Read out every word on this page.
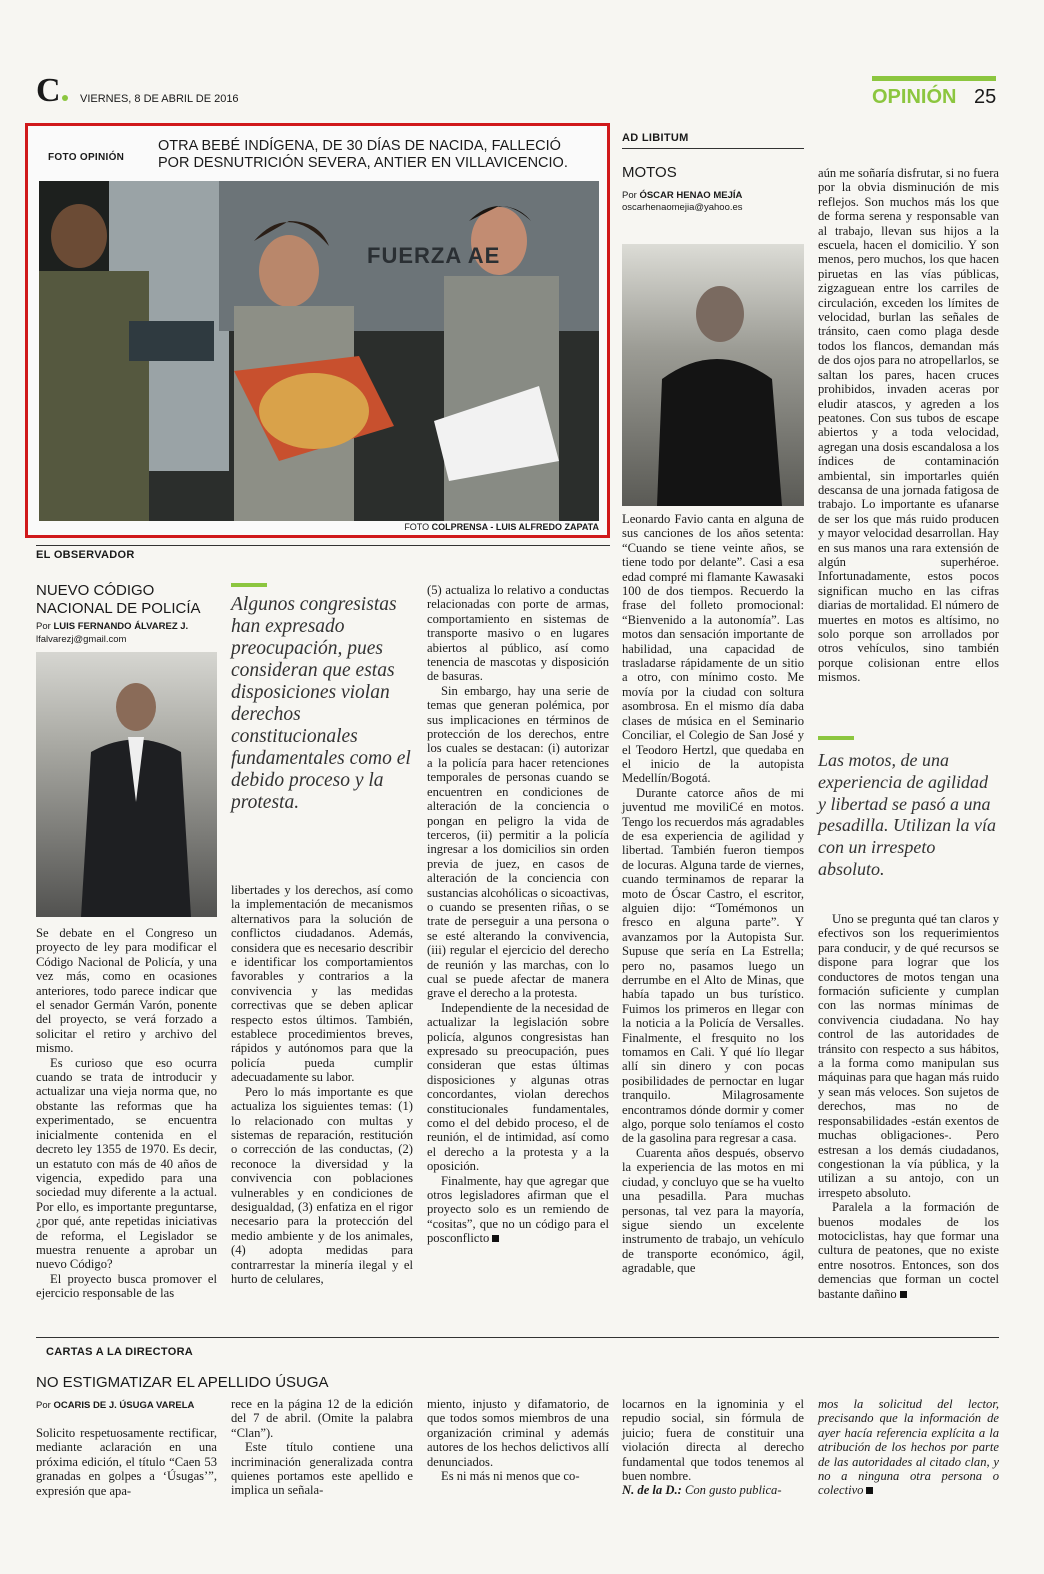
C	VIERNES, 8 DE ABRIL DE 2016	OPINIÓN 25
FOTO OPINIÓN
OTRA BEBÉ INDÍGENA, DE 30 DÍAS DE NACIDA, FALLECIÓ
POR DESNUTRICIÓN SEVERA, ANTIER EN VILLAVICENCIO.
FUERZA AE
FOTO COLPRENSA - LUIS ALFREDO ZAPATA
EL OBSERVADOR
NUEVO CÓDIGO
NACIONAL DE POLICÍA
Por LUIS FERNANDO ÁLVAREZ J.
lfalvarezj@gmail.com
Algunos congresistas han expresado preocupación, pues consideran que estas disposiciones violan derechos constitucionales fundamentales como el debido proceso y la protesta.

Se debate en el Congreso un proyecto de ley para modificar el Código Nacional de Policía, y una vez más, como en ocasiones anteriores, todo parece indicar que el senador Germán Varón, ponente del proyecto, se verá forzado a solicitar el retiro y archivo del mismo.

Es curioso que eso ocurra cuando se trata de introducir y actualizar una vieja norma que, no obstante las reformas que ha experimentado, se encuentra inicialmente contenida en el decreto ley 1355 de 1970. Es decir, un estatuto con más de 40 años de vigencia, expedido para una sociedad muy diferente a la actual. Por ello, es importante preguntarse, ¿por qué, ante repetidas iniciativas de reforma, el Legislador se muestra renuente a aprobar un nuevo Código?

El proyecto busca promover el ejercicio responsable de las

libertades y los derechos, así como la implementación de mecanismos alternativos para la solución de conflictos ciudadanos. Además, considera que es necesario describir e identificar los comportamientos favorables y contrarios a la convivencia y las medidas correctivas que se deben aplicar respecto estos últimos. También, establece procedimientos breves, rápidos y autónomos para que la policía pueda cumplir adecuadamente su labor.

Pero lo más importante es que actualiza los siguientes temas: (1) lo relacionado con multas y sistemas de reparación, restitución o corrección de las conductas, (2) reconoce la diversidad y la convivencia con poblaciones vulnerables y en condiciones de desigualdad, (3) enfatiza en el rigor necesario para la protección del medio ambiente y de los animales, (4) adopta medidas para contrarrestar la minería ilegal y el hurto de celulares,

(5) actualiza lo relativo a conductas relacionadas con porte de armas, comportamiento en sistemas de transporte masivo o en lugares abiertos al público, así como tenencia de mascotas y disposición de basuras.

Sin embargo, hay una serie de temas que generan polémica, por sus implicaciones en términos de protección de los derechos, entre los cuales se destacan: (i) autorizar a la policía para hacer retenciones temporales de personas cuando se encuentren en condiciones de alteración de la conciencia o pongan en peligro la vida de terceros, (ii) permitir a la policía ingresar a los domicilios sin orden previa de juez, en casos de alteración de la conciencia con sustancias alcohólicas o sicoactivas, o cuando se presenten riñas, o se trate de perseguir a una persona o se esté alterando la convivencia, (iii) regular el ejercicio del derecho de reunión y las marchas, con lo cual se puede afectar de manera grave el derecho a la protesta.

Independiente de la necesidad de actualizar la legislación sobre policía, algunos congresistas han expresado su preocupación, pues consideran que estas últimas disposiciones y algunas otras concordantes, violan derechos constitucionales fundamentales, como el del debido proceso, el de reunión, el de intimidad, así como el derecho a la protesta y a la oposición.

Finalmente, hay que agregar que otros legisladores afirman que el proyecto solo es un remiendo de “cositas”, que no un código para el posconflicto

AD LIBITUM
MOTOS
Por ÓSCAR HENAO MEJÍA
oscarhenaomejia@yahoo.es

Leonardo Favio canta en alguna de sus canciones de los años setenta: “Cuando se tiene veinte años, se tiene todo por delante”. Casi a esa edad compré mi flamante Kawasaki 100 de dos tiempos. Recuerdo la frase del folleto promocional: “Bienvenido a la autonomía”. Las motos dan sensación importante de habilidad, una capacidad de trasladarse rápidamente de un sitio a otro, con mínimo costo. Me movía por la ciudad con soltura asombrosa. En el mismo día daba clases de música en el Seminario Conciliar, el Colegio de San José y el Teodoro Hertzl, que quedaba en el inicio de la autopista Medellín/Bogotá.

Durante catorce años de mi juventud me moviliCé en motos. Tengo los recuerdos más agradables de esa experiencia de agilidad y libertad. También fueron tiempos de locuras. Alguna tarde de viernes, cuando terminamos de reparar la moto de Óscar Castro, el escritor, alguien dijo: “Tomémonos un fresco en alguna parte”. Y avanzamos por la Autopista Sur. Supuse que sería en La Estrella; pero no, pasamos luego un derrumbe en el Alto de Minas, que había tapado un bus turístico. Fuimos los primeros en llegar con la noticia a la Policía de Versalles. Finalmente, el fresquito no los tomamos en Cali. Y qué lío llegar allí sin dinero y con pocas posibilidades de pernoctar en lugar tranquilo. Milagrosamente encontramos dónde dormir y comer algo, porque solo teníamos el costo de la gasolina para regresar a casa.

Cuarenta años después, observo la experiencia de las motos en mi ciudad, y concluyo que se ha vuelto una pesadilla. Para muchas personas, tal vez para la mayoría, sigue siendo un excelente instrumento de trabajo, un vehículo de transporte económico, ágil, agradable, que

aún me soñaría disfrutar, si no fuera por la obvia disminución de mis reflejos. Son muchos más los que de forma serena y responsable van al trabajo, llevan sus hijos a la escuela, hacen el domicilio. Y son menos, pero muchos, los que hacen piruetas en las vías públicas, zigzaguean entre los carriles de circulación, exceden los límites de velocidad, burlan las señales de tránsito, caen como plaga desde todos los flancos, demandan más de dos ojos para no atropellarlos, se saltan los pares, hacen cruces prohibidos, invaden aceras por eludir atascos, y agreden a los peatones. Con sus tubos de escape abiertos y a toda velocidad, agregan una dosis escandalosa a los índices de contaminación ambiental, sin importarles quién descansa de una jornada fatigosa de trabajo. Lo importante es ufanarse de ser los que más ruido producen y mayor velocidad desarrollan. Hay en sus manos una rara extensión de algún superhéroe. Infortunadamente, estos pocos significan mucho en las cifras diarias de mortalidad. El número de muertes en motos es altísimo, no solo porque son arrollados por otros vehículos, sino también porque colisionan entre ellos mismos.

Las motos, de una experiencia de agilidad y libertad se pasó a una pesadilla. Utilizan la vía con un irrespeto absoluto.

Uno se pregunta qué tan claros y efectivos son los requerimientos para conducir, y de qué recursos se dispone para lograr que los conductores de motos tengan una formación suficiente y cumplan con las normas mínimas de convivencia ciudadana. No hay control de las autoridades de tránsito con respecto a sus hábitos, a la forma como manipulan sus máquinas para que hagan más ruido y sean más veloces. Son sujetos de derechos, mas no de responsabilidades -están exentos de muchas obligaciones-. Pero estresan a los demás ciudadanos, congestionan la vía pública, y la utilizan a su antojo, con un irrespeto absoluto.

Paralela a la formación de buenos modales de los motociclistas, hay que formar una cultura de peatones, que no existe entre nosotros. Entonces, son dos demencias que forman un coctel bastante dañino

CARTAS A LA DIRECTORA
NO ESTIGMATIZAR EL APELLIDO ÚSUGA
Por OCARIS DE J. ÚSUGA VARELA

Solicito respetuosamente rectificar, mediante aclaración en una próxima edición, el título “Caen 53 granadas en golpes a ‘Úsugas’”, expresión que apa-

rece en la página 12 de la edición del 7 de abril. (Omite la palabra “Clan”).

Este título contiene una incriminación generalizada contra quienes portamos este apellido e implica un señala-

miento, injusto y difamatorio, de que todos somos miembros de una organización criminal y además autores de los hechos delictivos allí denunciados.

Es ni más ni menos que co-

locarnos en la ignominia y el repudio social, sin fórmula de juicio; fuera de constituir una violación directa al derecho fundamental que todos tenemos al buen nombre.

N. de la D.: Con gusto publica-

mos la solicitud del lector, precisando que la información de ayer hacía referencia explícita a la atribución de los hechos por parte de las autoridades al citado clan, y no a ninguna otra persona o colectivo
